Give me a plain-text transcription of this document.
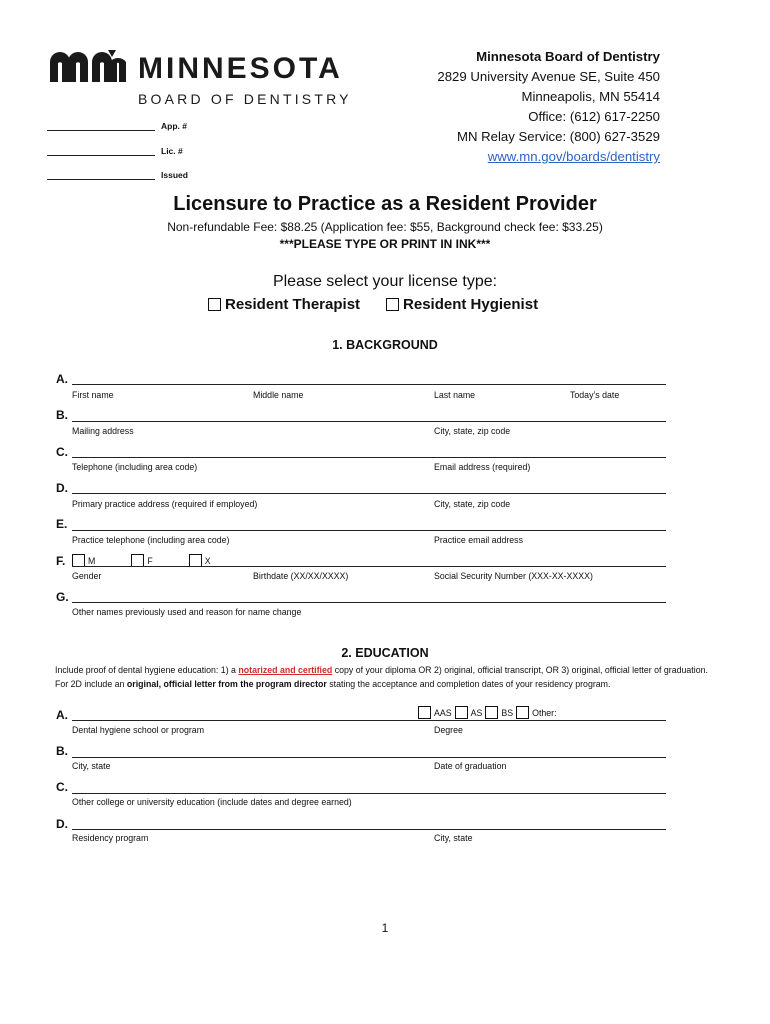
MINNESOTA
BOARD OF DENTISTRY
App. #
Lic. #
Issued
Minnesota Board of Dentistry
2829 University Avenue SE, Suite 450
Minneapolis, MN 55414
Office: (612) 617-2250
MN Relay Service: (800) 627-3529
www.mn.gov/boards/dentistry
Licensure to Practice as a Resident Provider
Non-refundable Fee: $88.25 (Application fee: $55, Background check fee: $33.25)
***PLEASE TYPE OR PRINT IN INK***
Please select your license type:
Resident Therapist	Resident Hygienist
1. BACKGROUND
A.
First name	Middle name	Last name	Today’s date
B.
Mailing address	City, state, zip code
C.
Telephone (including area code)	Email address (required)
D.
Primary practice address (required if employed)	City, state, zip code
E.
Practice telephone (including area code)	Practice email address
F.	M	F	X
Gender	Birthdate (XX/XX/XXXX)	Social Security Number (XXX-XX-XXXX)
G.
Other names previously used and reason for name change
2. EDUCATION
Include proof of dental hygiene education: 1) a notarized and certified copy of your diploma OR 2) original, official transcript, OR 3) original, official letter of graduation. For 2D include an original, official letter from the program director stating the acceptance and completion dates of your residency program.
A.	AAS AS BS Other:
Dental hygiene school or program	Degree
B.
City, state	Date of graduation
C.
Other college or university education (include dates and degree earned)
D.
Residency program	City, state
1
